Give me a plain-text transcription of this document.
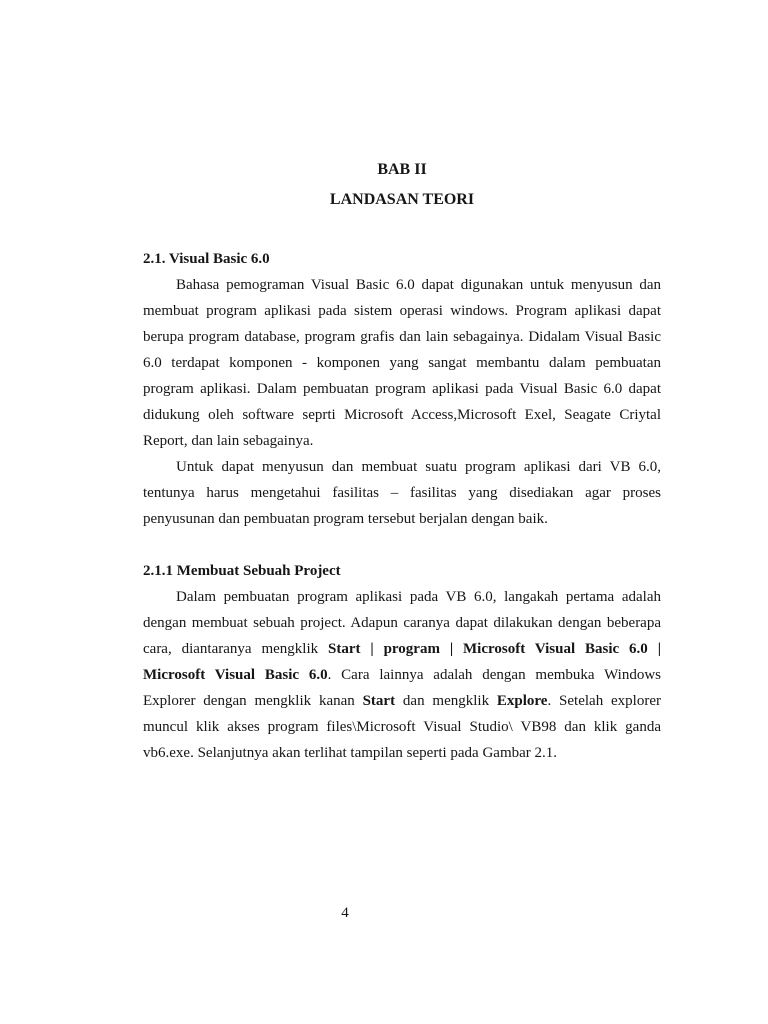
BAB II
LANDASAN TEORI
2.1. Visual Basic 6.0
Bahasa pemograman Visual Basic 6.0 dapat digunakan untuk menyusun dan
membuat program aplikasi pada sistem operasi windows. Program aplikasi dapat
berupa program database, program grafis dan lain sebagainya. Didalam Visual Basic
6.0 terdapat komponen - komponen yang sangat membantu dalam pembuatan
program aplikasi. Dalam pembuatan program aplikasi pada Visual Basic 6.0 dapat
didukung oleh software seprti Microsoft Access,Microsoft Exel, Seagate Criytal
Report, dan lain sebagainya.
Untuk dapat menyusun dan membuat suatu program aplikasi dari VB 6.0,
tentunya harus mengetahui fasilitas – fasilitas yang disediakan agar proses
penyusunan dan pembuatan program tersebut berjalan dengan baik.
2.1.1 Membuat Sebuah Project
Dalam pembuatan program aplikasi pada VB 6.0, langakah pertama adalah
dengan membuat sebuah project. Adapun caranya dapat dilakukan dengan beberapa
cara, diantaranya mengklik Start | program | Microsoft Visual Basic 6.0 |
Microsoft Visual Basic 6.0. Cara lainnya adalah dengan membuka Windows
Explorer dengan mengklik kanan Start dan mengklik Explore. Setelah explorer
muncul klik akses program files\Microsoft Visual Studio\ VB98 dan klik ganda
vb6.exe. Selanjutnya akan terlihat tampilan seperti pada Gambar 2.1.
4
